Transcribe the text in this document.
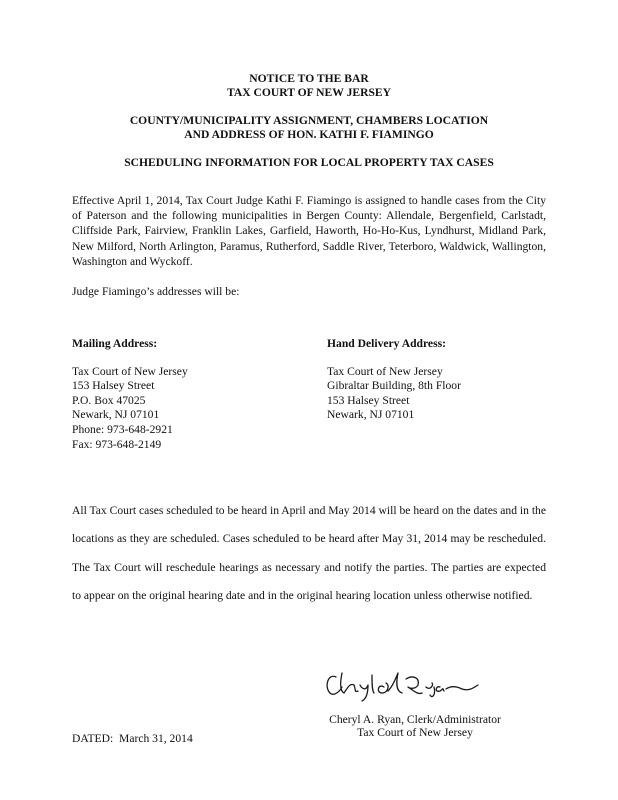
NOTICE TO THE BAR
TAX COURT OF NEW JERSEY
COUNTY/MUNICIPALITY ASSIGNMENT, CHAMBERS LOCATION
AND ADDRESS OF HON. KATHI F. FIAMINGO
SCHEDULING INFORMATION FOR LOCAL PROPERTY TAX CASES
Effective April 1, 2014, Tax Court Judge Kathi F. Fiamingo is assigned to handle cases from the City of Paterson and the following municipalities in Bergen County: Allendale, Bergenfield, Carlstadt, Cliffside Park, Fairview, Franklin Lakes, Garfield, Haworth, Ho-Ho-Kus, Lyndhurst, Midland Park, New Milford, North Arlington, Paramus, Rutherford, Saddle River, Teterboro, Waldwick, Wallington, Washington and Wyckoff.
Judge Fiamingo’s addresses will be:
Mailing Address:
Tax Court of New Jersey
153 Halsey Street
P.O. Box 47025
Newark, NJ 07101
Phone: 973-648-2921
Fax: 973-648-2149
Hand Delivery Address:
Tax Court of New Jersey
Gibraltar Building, 8th Floor
153 Halsey Street
Newark, NJ 07101
All Tax Court cases scheduled to be heard in April and May 2014 will be heard on the dates and in the locations as they are scheduled. Cases scheduled to be heard after May 31, 2014 may be rescheduled. The Tax Court will reschedule hearings as necessary and notify the parties. The parties are expected to appear on the original hearing date and in the original hearing location unless otherwise notified.
Cheryl A. Ryan, Clerk/Administrator
Tax Court of New Jersey
DATED:  March 31, 2014
